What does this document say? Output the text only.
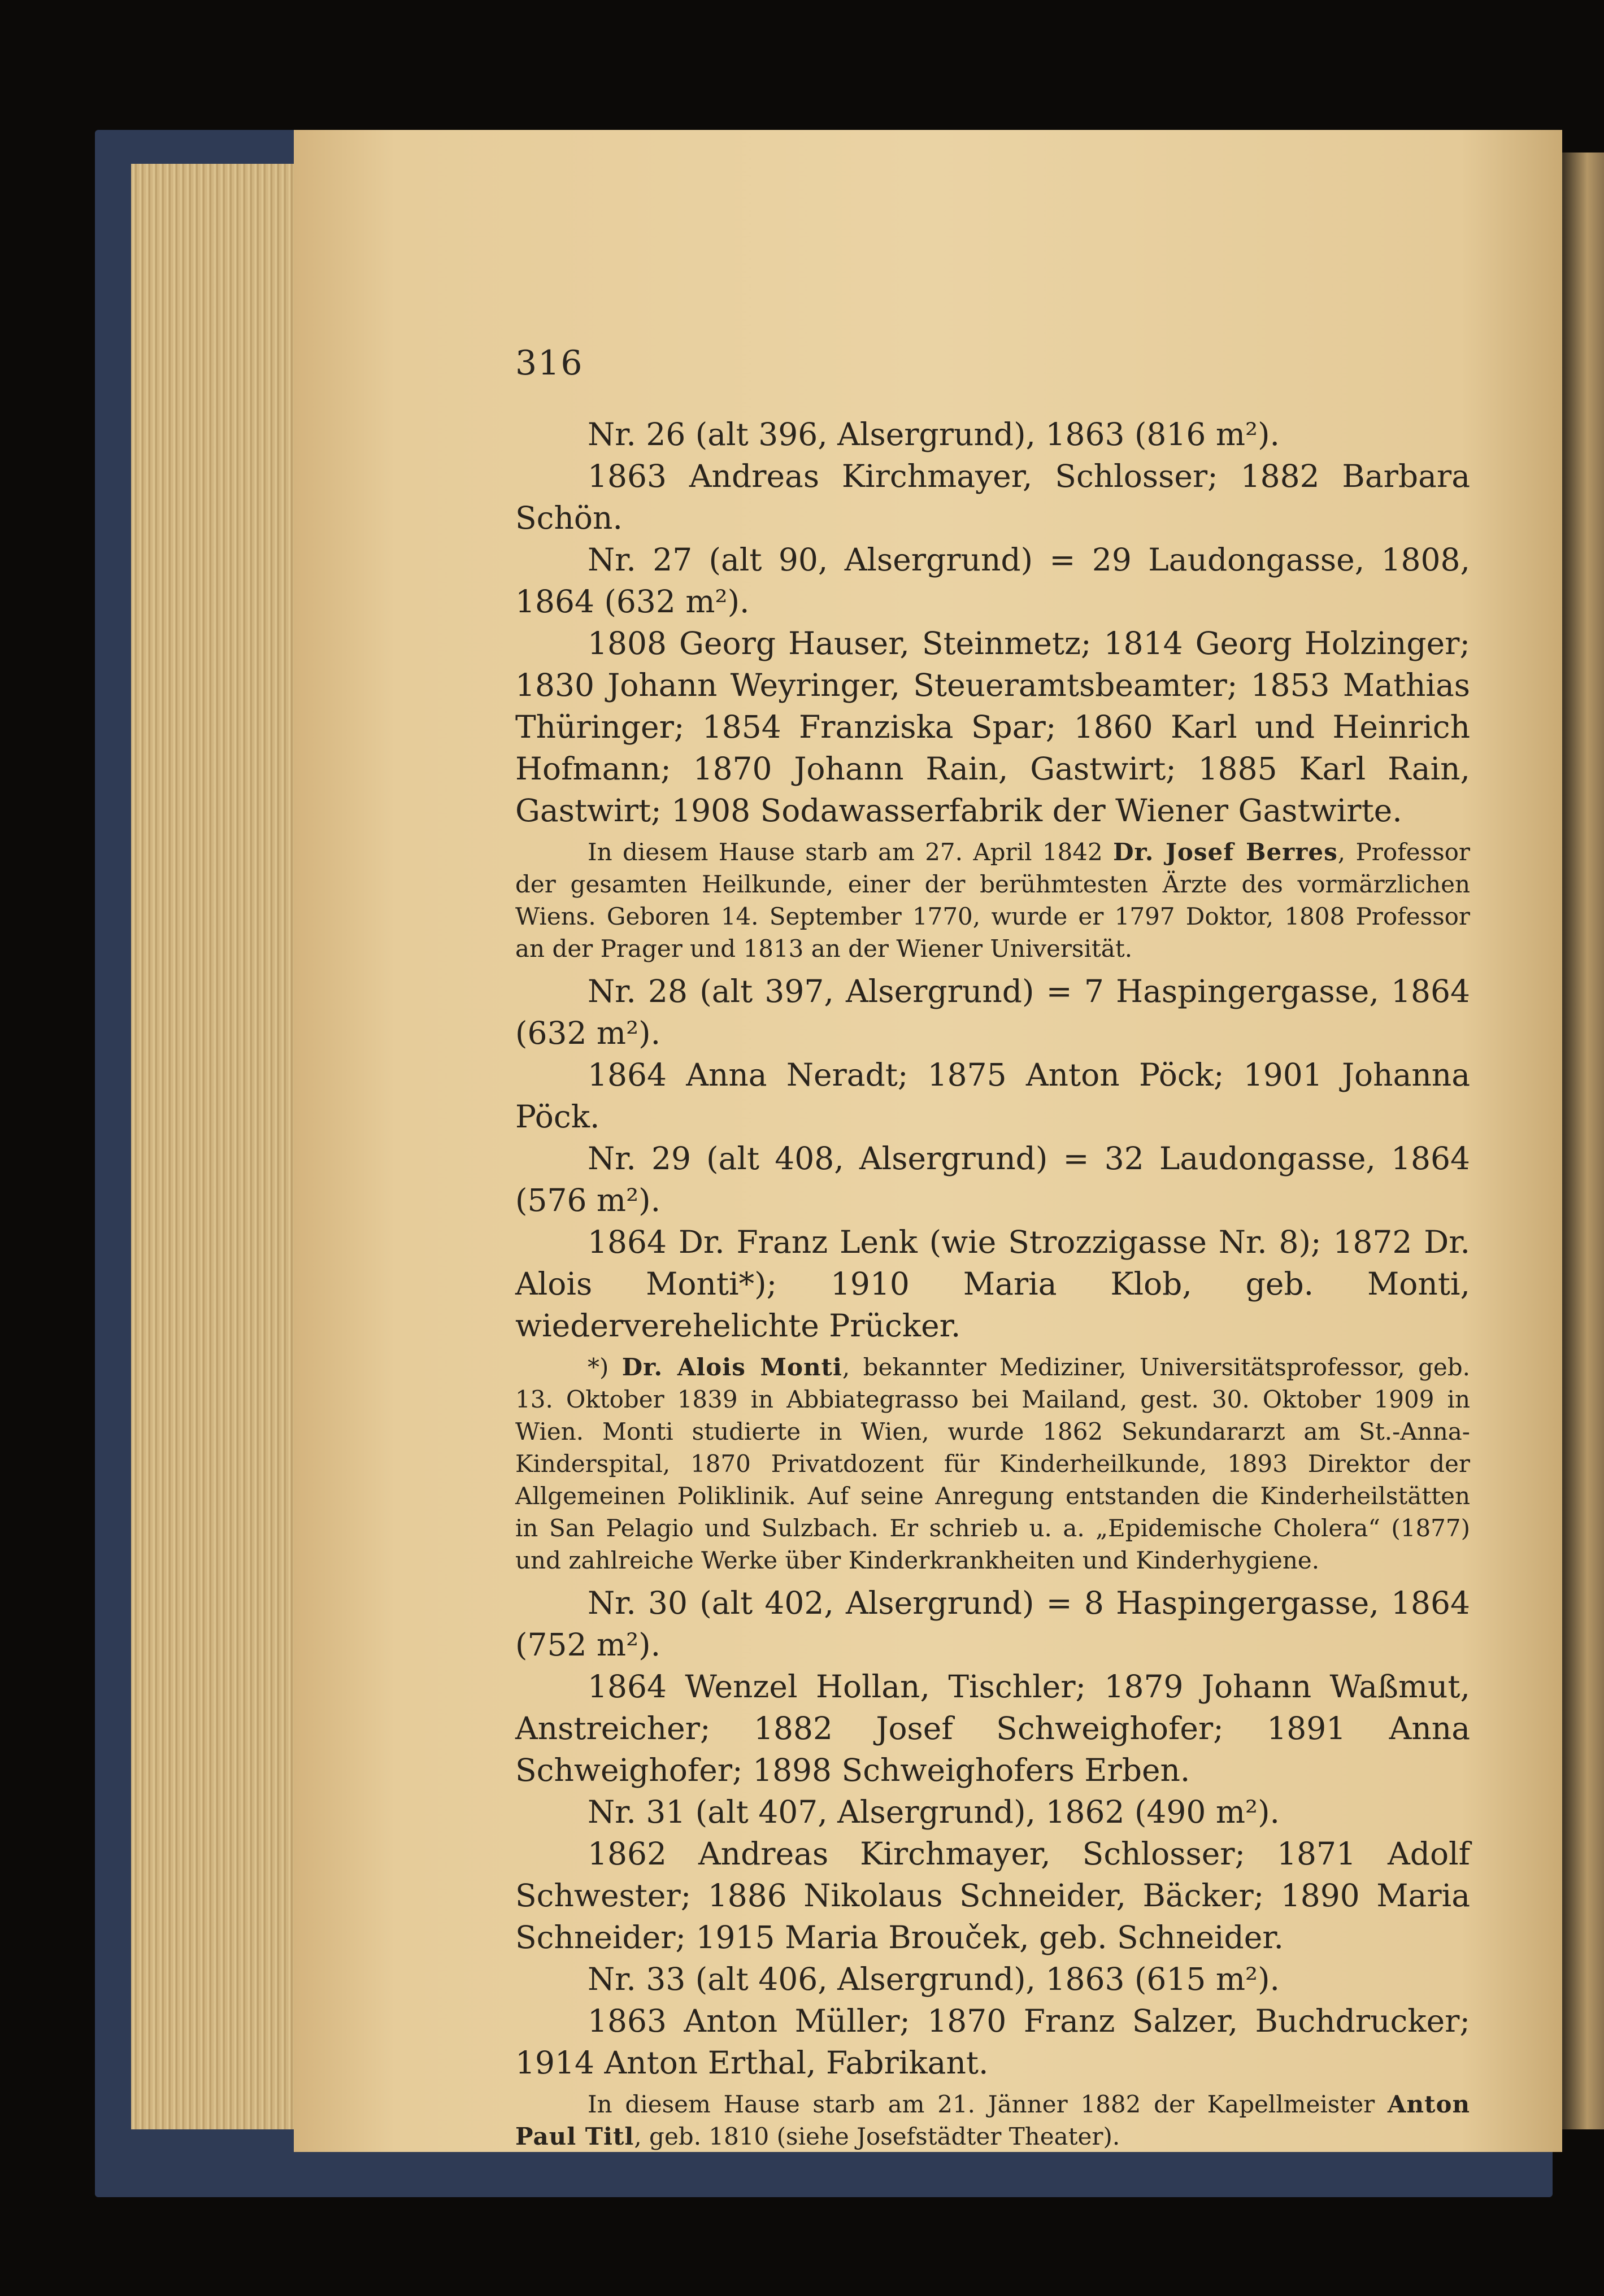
316
Nr. 26 (alt 396, Alsergrund), 1863 (816 m²).
1863 Andreas Kirchmayer, Schlosser; 1882 Barbara Schön.
Nr. 27 (alt 90, Alsergrund) = 29 Laudongasse, 1808, 1864 (632 m²).
1808 Georg Hauser, Steinmetz; 1814 Georg Holzinger; 1830 Johann Weyringer, Steueramtsbeamter; 1853 Mathias Thüringer; 1854 Franziska Spar; 1860 Karl und Heinrich Hofmann; 1870 Johann Rain, Gastwirt; 1885 Karl Rain, Gastwirt; 1908 Sodawasserfabrik der Wiener Gastwirte.
In diesem Hause starb am 27. April 1842 Dr. Josef Berres, Professor der gesamten Heilkunde, einer der berühmtesten Ärzte des vormärzlichen Wiens. Geboren 14. September 1770, wurde er 1797 Doktor, 1808 Professor an der Prager und 1813 an der Wiener Universität.
Nr. 28 (alt 397, Alsergrund) = 7 Haspingergasse, 1864 (632 m²).
1864 Anna Neradt; 1875 Anton Pöck; 1901 Johanna Pöck.
Nr. 29 (alt 408, Alsergrund) = 32 Laudongasse, 1864 (576 m²).
1864 Dr. Franz Lenk (wie Strozzigasse Nr. 8); 1872 Dr. Alois Monti*); 1910 Maria Klob, geb. Monti, wiederverehelichte Prücker.
*) Dr. Alois Monti, bekannter Mediziner, Universitätsprofessor, geb. 13. Oktober 1839 in Abbiategrasso bei Mailand, gest. 30. Oktober 1909 in Wien. Monti studierte in Wien, wurde 1862 Sekundararzt am St.-Anna-Kinderspital, 1870 Privatdozent für Kinderheilkunde, 1893 Direktor der Allgemeinen Poliklinik. Auf seine Anregung entstanden die Kinderheilstätten in San Pelagio und Sulzbach. Er schrieb u. a. „Epidemische Cholera“ (1877) und zahlreiche Werke über Kinderkrankheiten und Kinderhygiene.
Nr. 30 (alt 402, Alsergrund) = 8 Haspingergasse, 1864 (752 m²).
1864 Wenzel Hollan, Tischler; 1879 Johann Waßmut, Anstreicher; 1882 Josef Schweighofer; 1891 Anna Schweighofer; 1898 Schweighofers Erben.
Nr. 31 (alt 407, Alsergrund), 1862 (490 m²).
1862 Andreas Kirchmayer, Schlosser; 1871 Adolf Schwester; 1886 Nikolaus Schneider, Bäcker; 1890 Maria Schneider; 1915 Maria Brouček, geb. Schneider.
Nr. 33 (alt 406, Alsergrund), 1863 (615 m²).
1863 Anton Müller; 1870 Franz Salzer, Buchdrucker; 1914 Anton Erthal, Fabrikant.
In diesem Hause starb am 21. Jänner 1882 der Kapellmeister Anton Paul Titl, geb. 1810 (siehe Josefstädter Theater).
